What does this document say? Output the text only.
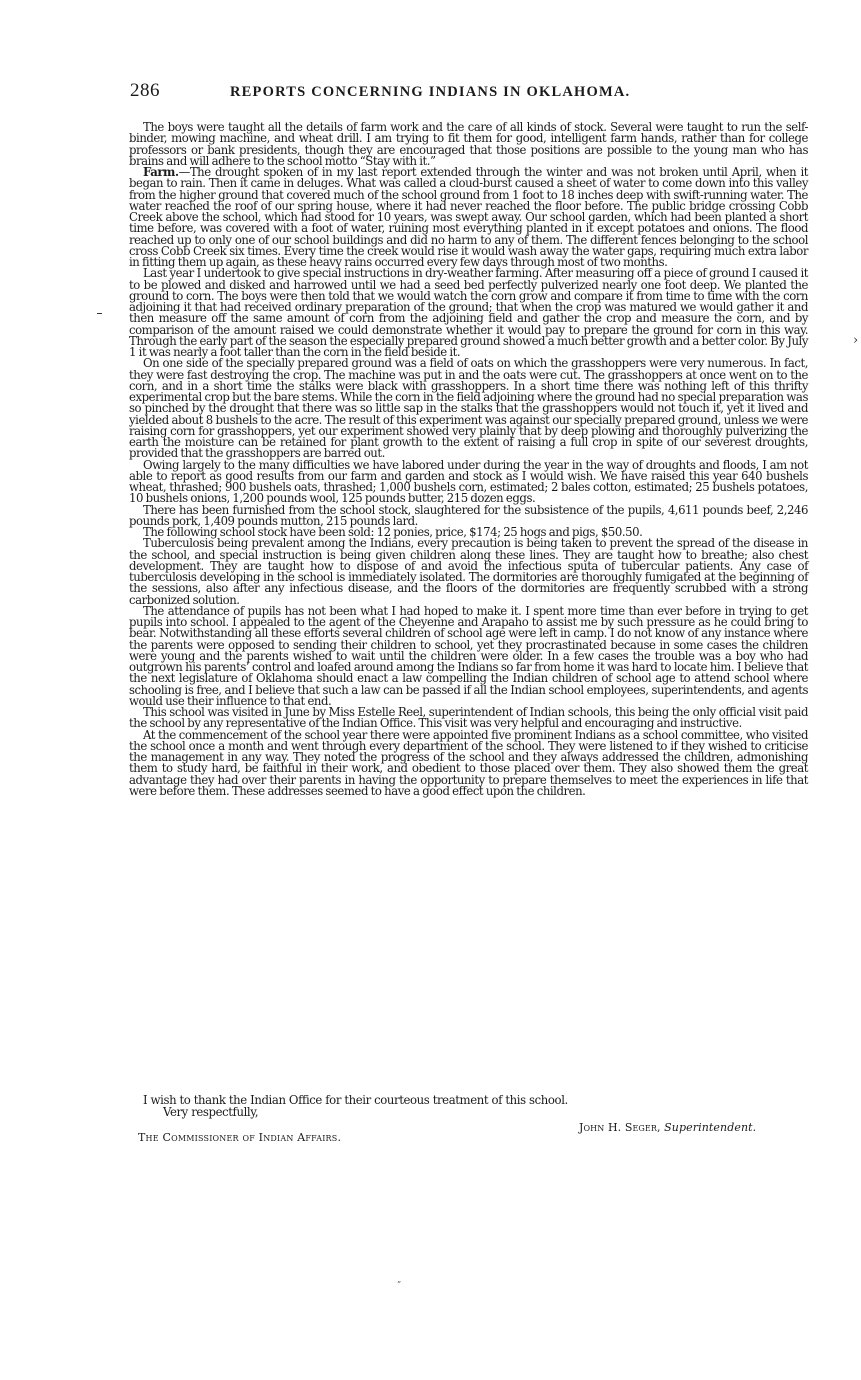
286	REPORTS CONCERNING INDIANS IN OKLAHOMA.
›

The boys were taught all the details of farm work and the care of all kinds of stock. Several were taught to run the self-binder, mowing machine, and wheat drill. I am trying to fit them for good, intelligent farm hands, rather than for college professors or bank presidents, though they are encouraged that those positions are possible to the young man who has brains and will adhere to the school motto “Stay with it.”

Farm.—The drought spoken of in my last report extended through the winter and was not broken until April, when it began to rain. Then it came in deluges. What was called a cloud-burst caused a sheet of water to come down into this valley from the higher ground that covered much of the school ground from 1 foot to 18 inches deep with swift-running water. The water reached the roof of our spring house, where it had never reached the floor before. The public bridge crossing Cobb Creek above the school, which had stood for 10 years, was swept away. Our school garden, which had been planted a short time before, was covered with a foot of water, ruining most everything planted in it except potatoes and onions. The flood reached up to only one of our school buildings and did no harm to any of them. The different fences belonging to the school cross Cobb Creek six times. Every time the creek would rise it would wash away the water gaps, requiring much extra labor in fitting them up again, as these heavy rains occurred every few days through most of two months.

Last year I undertook to give special instructions in dry-weather farming. After measuring off a piece of ground I caused it to be plowed and disked and harrowed until we had a seed bed perfectly pulverized nearly one foot deep. We planted the ground to corn. The boys were then told that we would watch the corn grow and compare it from time to time with the corn adjoining it that had received ordinary preparation of the ground; that when the crop was matured we would gather it and then measure off the same amount of corn from the adjoining field and gather the crop and measure the corn, and by comparison of the amount raised we could demonstrate whether it would pay to prepare the ground for corn in this way. Through the early part of the season the especially prepared ground showed a much better growth and a better color. By July 1 it was nearly a foot taller than the corn in the field beside it.

On one side of the specially prepared ground was a field of oats on which the grasshoppers were very numerous. In fact, they were fast destroying the crop. The machine was put in and the oats were cut. The grasshoppers at once went on to the corn, and in a short time the stalks were black with grasshoppers. In a short time there was nothing left of this thrifty experimental crop but the bare stems. While the corn in the field adjoining where the ground had no special preparation was so pinched by the drought that there was so little sap in the stalks that the grasshoppers would not touch it, yet it lived and yielded about 8 bushels to the acre. The result of this experiment was against our specially prepared ground, unless we were raising corn for grasshoppers, yet our experiment showed very plainly that by deep plowing and thoroughly pulverizing the earth the moisture can be retained for plant growth to the extent of raising a full crop in spite of our severest droughts, provided that the grasshoppers are barred out.

Owing largely to the many difficulties we have labored under during the year in the way of droughts and floods, I am not able to report as good results from our farm and garden and stock as I would wish. We have raised this year 640 bushels wheat, thrashed; 900 bushels oats, thrashed; 1,000 bushels corn, estimated; 2 bales cotton, estimated; 25 bushels potatoes, 10 bushels onions, 1,200 pounds wool, 125 pounds butter, 215 dozen eggs.

There has been furnished from the school stock, slaughtered for the subsistence of the pupils, 4,611 pounds beef, 2,246 pounds pork, 1,409 pounds mutton, 215 pounds lard.

The following school stock have been sold: 12 ponies, price, $174; 25 hogs and pigs, $50.50.

Tuberculosis being prevalent among the Indians, every precaution is being taken to prevent the spread of the disease in the school, and special instruction is being given children along these lines. They are taught how to breathe; also chest development. They are taught how to dispose of and avoid the infectious sputa of tubercular patients. Any case of tuberculosis developing in the school is immediately isolated. The dormitories are thoroughly fumigated at the beginning of the sessions, also after any infectious disease, and the floors of the dormitories are frequently scrubbed with a strong carbonized solution.

The attendance of pupils has not been what I had hoped to make it. I spent more time than ever before in trying to get pupils into school. I appealed to the agent of the Cheyenne and Arapaho to assist me by such pressure as he could bring to bear. Notwithstanding all these efforts several children of school age were left in camp. I do not know of any instance where the parents were opposed to sending their children to school, yet they procrastinated because in some cases the children were young and the parents wished to wait until the children were older. In a few cases the trouble was a boy who had outgrown his parents’ control and loafed around among the Indians so far from home it was hard to locate him. I believe that the next legislature of Oklahoma should enact a law compelling the Indian children of school age to attend school where schooling is free, and I believe that such a law can be passed if all the Indian school employees, superintendents, and agents would use their influence to that end.

This school was visited in June by Miss Estelle Reel, superintendent of Indian schools, this being the only official visit paid the school by any representative of the Indian Office. This visit was very helpful and encouraging and instructive.

At the commencement of the school year there were appointed five prominent Indians as a school committee, who visited the school once a month and went through every department of the school. They were listened to if they wished to criticise the management in any way. They noted the progress of the school and they always addressed the children, admonishing them to study hard, be faithful in their work, and obedient to those placed over them. They also showed them the great advantage they had over their parents in having the opportunity to prepare themselves to meet the experiences in life that were before them. These addresses seemed to have a good effect upon the children.

I wish to thank the Indian Office for their courteous treatment of this school.
Very respectfully,
John H. Seger, Superintendent.
The Commissioner of Indian Affairs.
”
